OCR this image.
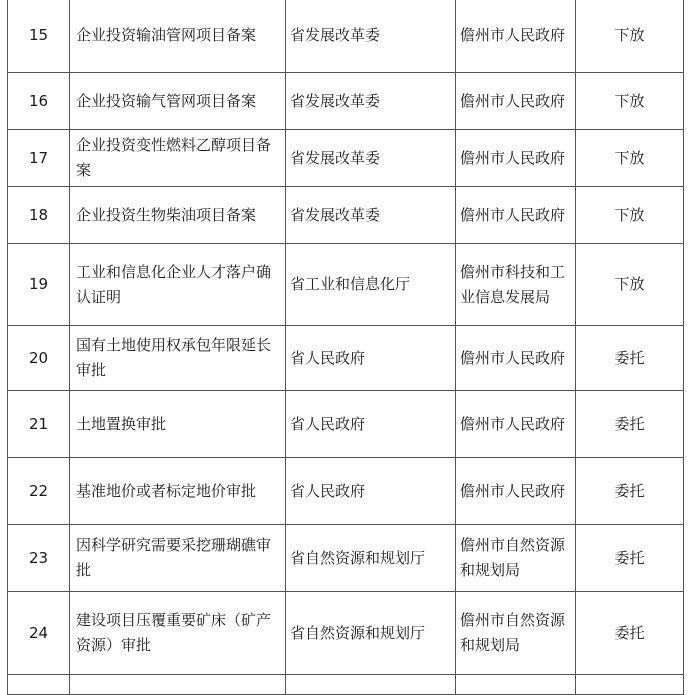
15	企业投资输油管网项目备案	省发展改革委	儋州市人民政府	下放
16	企业投资输气管网项目备案	省发展改革委	儋州市人民政府	下放
17	企业投资变性燃料乙醇项目备案	省发展改革委	儋州市人民政府	下放
18	企业投资生物柴油项目备案	省发展改革委	儋州市人民政府	下放
19	工业和信息化企业人才落户确认证明	省工业和信息化厅	儋州市科技和工业信息发展局	下放
20	国有土地使用权承包年限延长审批	省人民政府	儋州市人民政府	委托
21	土地置换审批	省人民政府	儋州市人民政府	委托
22	基准地价或者标定地价审批	省人民政府	儋州市人民政府	委托
23	因科学研究需要采挖珊瑚礁审批	省自然资源和规划厅	儋州市自然资源和规划局	委托
24	建设项目压覆重要矿床（矿产资源）审批	省自然资源和规划厅	儋州市自然资源和规划局	委托
